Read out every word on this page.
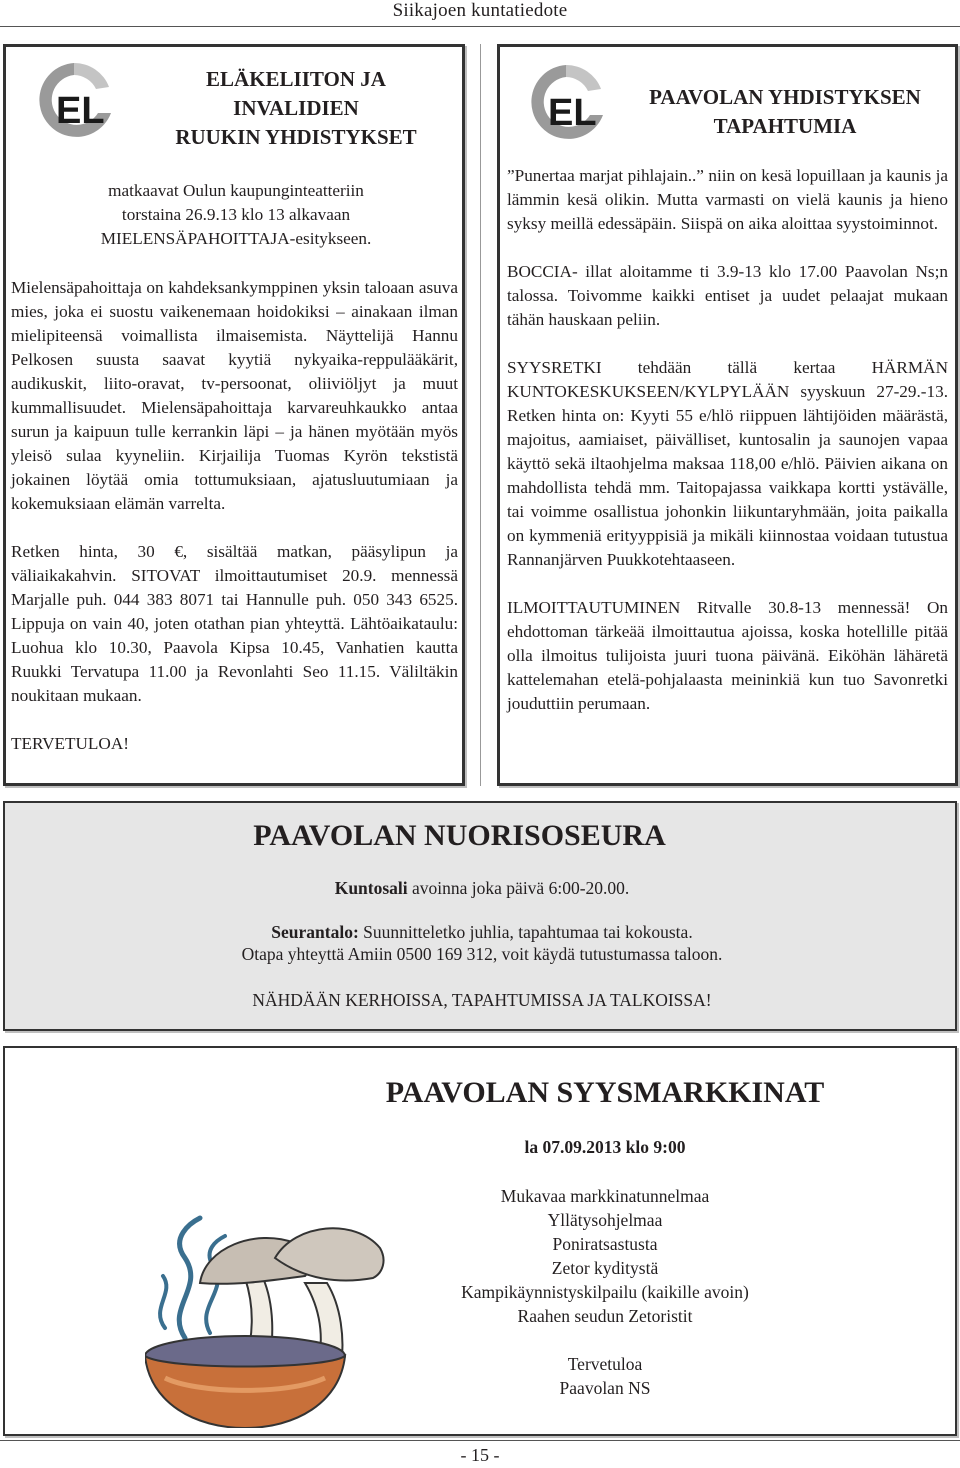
Siikajoen kuntatiedote
EL
ELÄKELIITON JA
INVALIDIEN
RUUKIN YHDISTYKSET
matkaavat Oulun kaupunginteatteriin
torstaina 26.9.13 klo 13 alkavaan
MIELENSÄPAHOITTAJA-esitykseen.

Mielensäpahoittaja on kahdeksankymppinen yksin taloaan asuva mies, joka ei suostu vaikenemaan hoidokiksi – ainakaan ilman mielipiteensä voimallista ilmaisemista. Näyttelijä Hannu Pelkosen suusta saavat kyytiä nykyaika-reppulääkärit, audikuskit, liito-oravat, tv-persoonat, oliiviöljyt ja muut kummallisuudet. Mielensäpahoittaja karvareuhkaukko antaa surun ja kaipuun tulle kerrankin läpi – ja hänen myötään myös yleisö sulaa kyyneliin. Kirjailija Tuomas Kyrön tekstistä jokainen löytää omia tottumuksiaan, ajatusluutumiaan ja kokemuksiaan elämän varrelta.

Retken hinta, 30 €, sisältää matkan, pääsylipun ja väliaikakahvin. SITOVAT ilmoittautumiset 20.9. mennessä Marjalle puh. 044 383 8071 tai Hannulle puh. 050 343 6525. Lippuja on vain 40, joten otathan pian yhteyttä. Lähtöaikataulu: Luohua klo 10.30, Paavola Kipsa 10.45, Vanhatien kautta Ruukki Tervatupa 11.00 ja Revonlahti Seo 11.15. Väliltäkin noukitaan mukaan.

TERVETULOA!

EL	PAAVOLAN YHDISTYKSEN
TAPAHTUMIA

”Punertaa marjat pihlajain..” niin on kesä lopuillaan ja kaunis ja lämmin kesä olikin. Mutta varmasti on vielä kaunis ja hieno syksy meillä edessäpäin. Siispä on aika aloittaa syystoiminnot.

BOCCIA- illat aloitamme ti 3.9-13 klo 17.00 Paavolan Ns;n talossa. Toivomme kaikki entiset ja uudet pelaajat mukaan tähän hauskaan peliin.

SYYSRETKI tehdään tällä kertaa HÄRMÄN KUNTOKESKUKSEEN/KYLPYLÄÄN syyskuun 27-29.-13. Retken hinta on: Kyyti 55 e/hlö riippuen lähtijöiden määrästä, majoitus, aamiaiset, päivälliset, kuntosalin ja saunojen vapaa käyttö sekä iltaohjelma maksaa 118,00 e/hlö. Päivien aikana on mahdollista tehdä mm. Taitopajassa vaikkapa kortti ystävälle, tai voimme osallistua johonkin liikuntaryhmään, joita paikalla on kymmeniä erityyppisiä ja mikäli kiinnostaa voidaan tutustua Rannanjärven Puukkotehtaaseen.

ILMOITTAUTUMINEN Ritvalle 30.8-13 mennessä! On ehdottoman tärkeää ilmoittautua ajoissa, koska hotellille pitää olla ilmoitus tulijoista juuri tuona päivänä. Eiköhän lähäretä kattelemahan etelä-pohjalaasta meininkiä kun tuo Savonretki jouduttiin perumaan.

PAAVOLAN NUORISOSEURA
Kuntosali avoinna joka päivä 6:00-20.00.
Seurantalo: Suunnitteletko juhlia, tapahtumaa tai kokousta.
Otapa yhteyttä Amiin 0500 169 312, voit käydä tutustumassa taloon.
NÄHDÄÄN KERHOISSA, TAPAHTUMISSA JA TALKOISSA!
PAAVOLAN SYYSMARKKINAT
la 07.09.2013 klo 9:00
Mukavaa markkinatunnelmaa
Yllätysohjelmaa
Poniratsastusta
Zetor kyditystä
Kampikäynnistyskilpailu (kaikille avoin)
Raahen seudun Zetoristit
Tervetuloa
Paavolan NS
- 15 -
